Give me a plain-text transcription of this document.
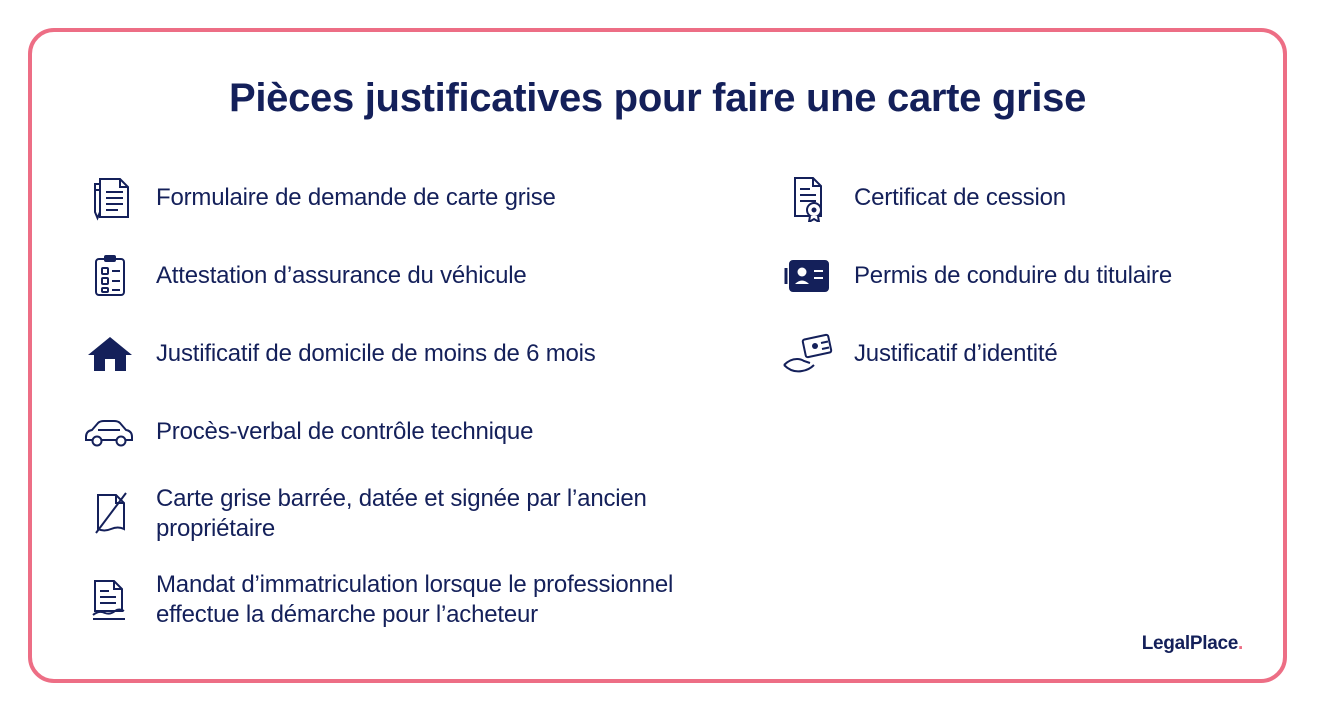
Pièces justificatives pour faire une carte grise
Formulaire de demande de carte grise
Attestation d’assurance du véhicule
Justificatif de domicile de moins de 6 mois
Procès-verbal de contrôle technique
Carte grise barrée, datée et signée par l’ancien propriétaire
Mandat d’immatriculation lorsque le professionnel effectue la démarche pour l’acheteur
Certificat de cession
Permis de conduire du titulaire
Justificatif d’identité
LegalPlace.
